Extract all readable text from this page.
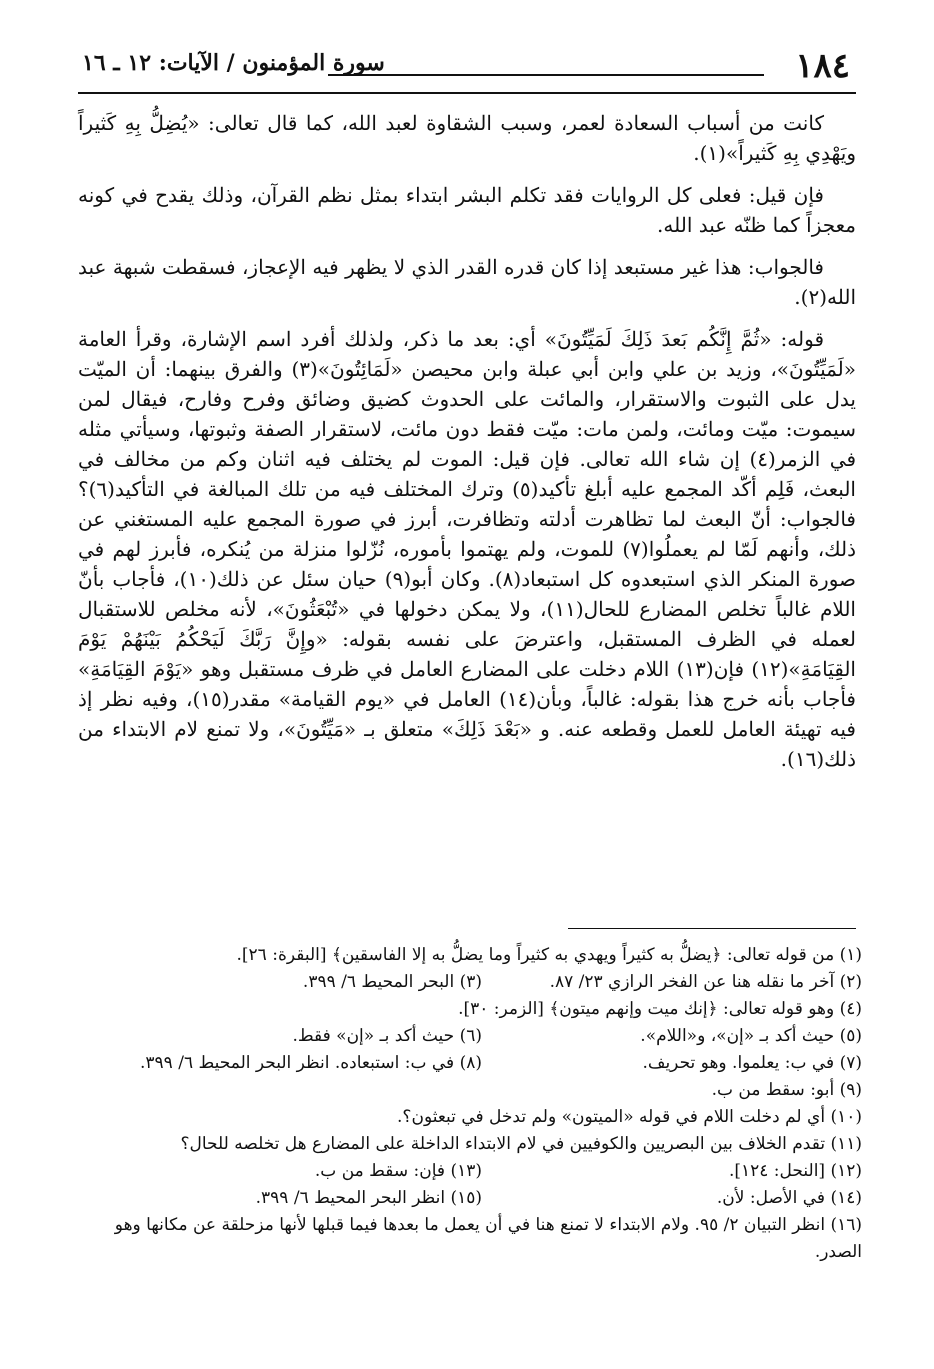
١٨٤
سورة المؤمنون / الآيات: ١٢ ـ ١٦

كانت من أسباب السعادة لعمر، وسبب الشقاوة لعبد الله، كما قال تعالى: «يُضِلُّ بِهِ كَثيراً ويَهْدِي بِهِ كَثيراً»(١).

فإن قيل: فعلى كل الروايات فقد تكلم البشر ابتداء بمثل نظم القرآن، وذلك يقدح في كونه معجزاً كما ظنّه عبد الله.

فالجواب: هذا غير مستبعد إذا كان قدره القدر الذي لا يظهر فيه الإعجاز، فسقطت شبهة عبد الله(٢).

قوله: «ثُمَّ إِنَّكُم بَعدَ ذَلِكَ لَمَيِّتُونَ» أي: بعد ما ذكر، ولذلك أفرد اسم الإشارة، وقرأ العامة «لَمَيِّتُونَ»، وزيد بن علي وابن أبي عبلة وابن محيصن «لَمَائِتُونَ»(٣) والفرق بينهما: أن الميّت يدل على الثبوت والاستقرار، والمائت على الحدوث كضيق وضائق وفرح وفارح، فيقال لمن سيموت: ميّت ومائت، ولمن مات: ميّت فقط دون مائت، لاستقرار الصفة وثبوتها، وسيأتي مثله في الزمر(٤) إن شاء الله تعالى. فإن قيل: الموت لم يختلف فيه اثنان وكم من مخالف في البعث، فَلِم أكّد المجمع عليه أبلغ تأكيد(٥) وترك المختلف فيه من تلك المبالغة في التأكيد(٦)؟ فالجواب: أنّ البعث لما تظاهرت أدلته وتظافرت، أبرز في صورة المجمع عليه المستغني عن ذلك، وأنهم لَمّا لم يعملُوا(٧) للموت، ولم يهتموا بأموره، نُزّلوا منزلة من يُنكره، فأبرز لهم في صورة المنكر الذي استبعدوه كل استبعاد(٨). وكان أبو(٩) حيان سئل عن ذلك(١٠)، فأجاب بأنّ اللام غالباً تخلص المضارع للحال(١١)، ولا يمكن دخولها في «تُبْعَثُونَ»، لأنه مخلص للاستقبال لعمله في الظرف المستقبل، واعترضَ على نفسه بقوله: «وإِنَّ رَبَّكَ لَيَحْكُمُ بَيْنَهُمْ يَوْمَ القِيَامَةِ»(١٢) فإن(١٣) اللام دخلت على المضارع العامل في ظرف مستقبل وهو «يَوْمَ القِيَامَةِ» فأجاب بأنه خرج هذا بقوله: غالباً، وبأن(١٤) العامل في «يوم القيامة» مقدر(١٥)، وفيه نظر إذ فيه تهيئة العامل للعمل وقطعه عنه. و «بَعْدَ ذَلِكَ» متعلق بـ «مَيِّتُونَ»، ولا تمنع لام الابتداء من ذلك(١٦).

(١) من قوله تعالى: ﴿يضلُّ به كثيراً ويهدي به كثيراً وما يضلُّ به إلا الفاسقين﴾ [البقرة: ٢٦].
(٢) آخر ما نقله هنا عن الفخر الرازي ٢٣/ ٨٧.
(٣) البحر المحيط ٦/ ٣٩٩.
(٤) وهو قوله تعالى: ﴿إنك ميت وإنهم ميتون﴾ [الزمر: ٣٠].
(٥) حيث أكد بـ «إن»، و«اللام».
(٦) حيث أكد بـ «إن» فقط.
(٧) في ب: يعلموا. وهو تحريف.
(٨) في ب: استبعاده. انظر البحر المحيط ٦/ ٣٩٩.
(٩) أبو: سقط من ب.
(١٠) أي لم دخلت اللام في قوله «الميتون» ولم تدخل في تبعثون؟.
(١١) تقدم الخلاف بين البصريين والكوفيين في لام الابتداء الداخلة على المضارع هل تخلصه للحال؟
(١٢) [النحل: ١٢٤].
(١٣) فإن: سقط من ب.
(١٤) في الأصل: لأن.
(١٥) انظر البحر المحيط ٦/ ٣٩٩.
(١٦) انظر التبيان ٢/ ٩٥. ولام الابتداء لا تمنع هنا في أن يعمل ما بعدها فيما قبلها لأنها مزحلقة عن مكانها وهو الصدر.
